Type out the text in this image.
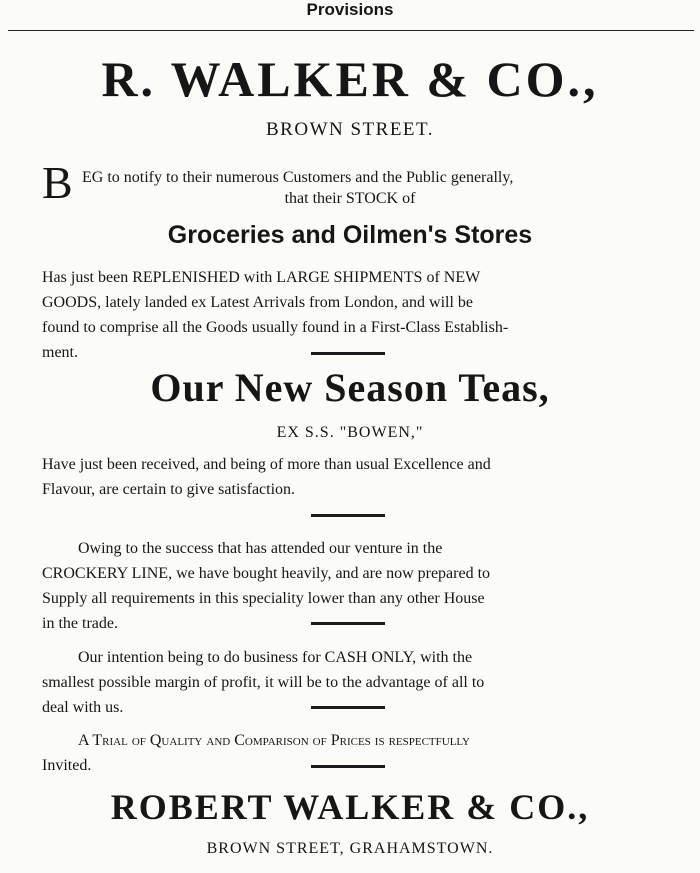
Provisions
R. WALKER & CO.,
BROWN STREET.
B EG to notify to their numerous Customers and the Public generally,
that their STOCK of
Groceries and Oilmen's Stores
Has just been REPLENISHED with LARGE SHIPMENTS of NEW
GOODS, lately landed ex Latest Arrivals from London, and will be
found to comprise all the Goods usually found in a First-Class Establish-
ment.
Our New Season Teas,
EX S.S. "BOWEN,"
Have just been received, and being of more than usual Excellence and
Flavour, are certain to give satisfaction.
Owing to the success that has attended our venture in the
CROCKERY LINE, we have bought heavily, and are now prepared to
Supply all requirements in this speciality lower than any other House
in the trade.
Our intention being to do business for CASH ONLY, with the
smallest possible margin of profit, it will be to the advantage of all to
deal with us.
A Trial of Quality and Comparison of Prices is respectfully
Invited.
ROBERT WALKER & CO.,
BROWN STREET, GRAHAMSTOWN.
